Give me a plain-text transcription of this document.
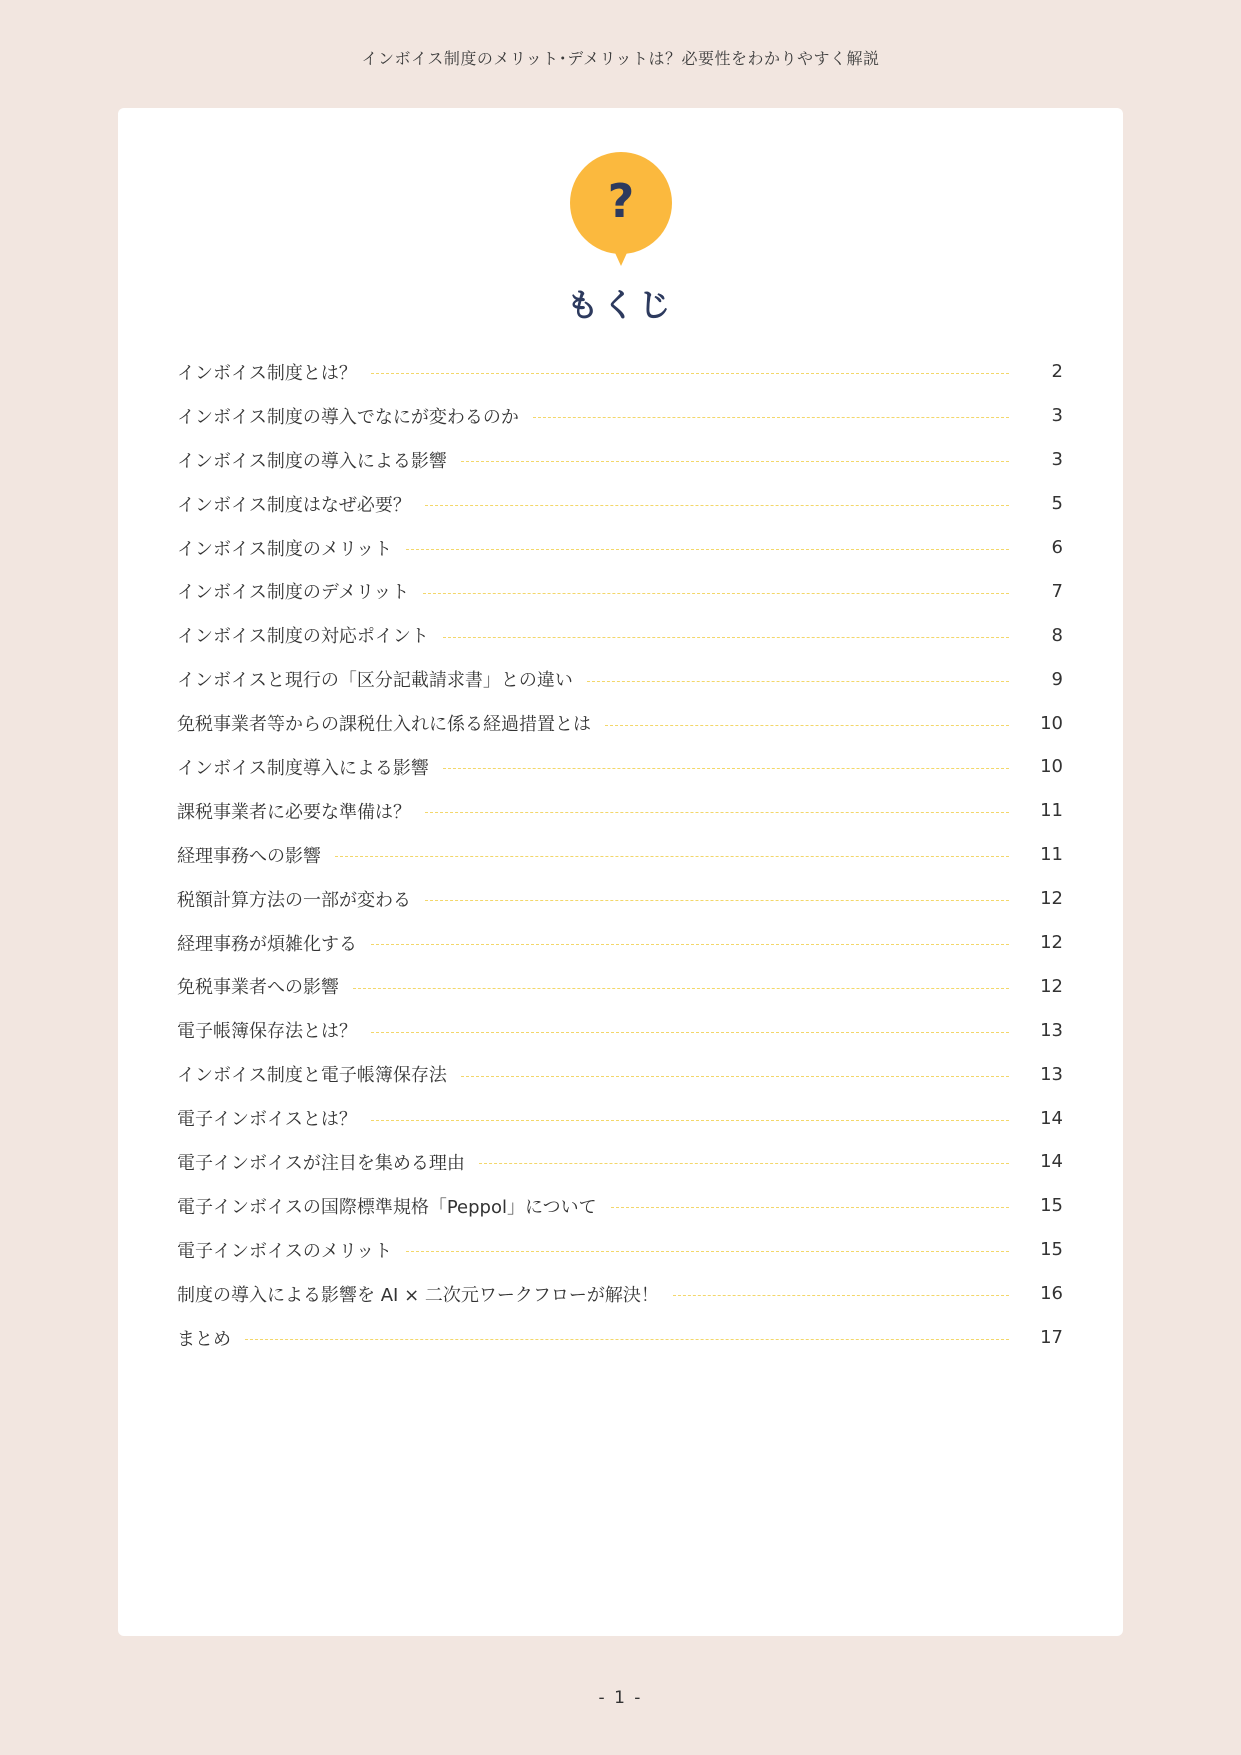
インボイス制度のメリット･デメリットは？必要性をわかりやすく解説
?
もくじ
インボイス制度とは？	2
インボイス制度の導入でなにが変わるのか	3
インボイス制度の導入による影響	3
インボイス制度はなぜ必要？	5
インボイス制度のメリット	6
インボイス制度のデメリット	7
インボイス制度の対応ポイント	8
インボイスと現行の「区分記載請求書」との違い	9
免税事業者等からの課税仕入れに係る経過措置とは	10
インボイス制度導入による影響	10
課税事業者に必要な準備は？	11
経理事務への影響	11
税額計算方法の一部が変わる	12
経理事務が煩雑化する	12
免税事業者への影響	12
電子帳簿保存法とは？	13
インボイス制度と電子帳簿保存法	13
電子インボイスとは？	14
電子インボイスが注目を集める理由	14
電子インボイスの国際標準規格「Peppol」について	15
電子インボイスのメリット	15
制度の導入による影響を AI × 二次元ワークフローが解決！	16
まとめ	17
- 1 -
